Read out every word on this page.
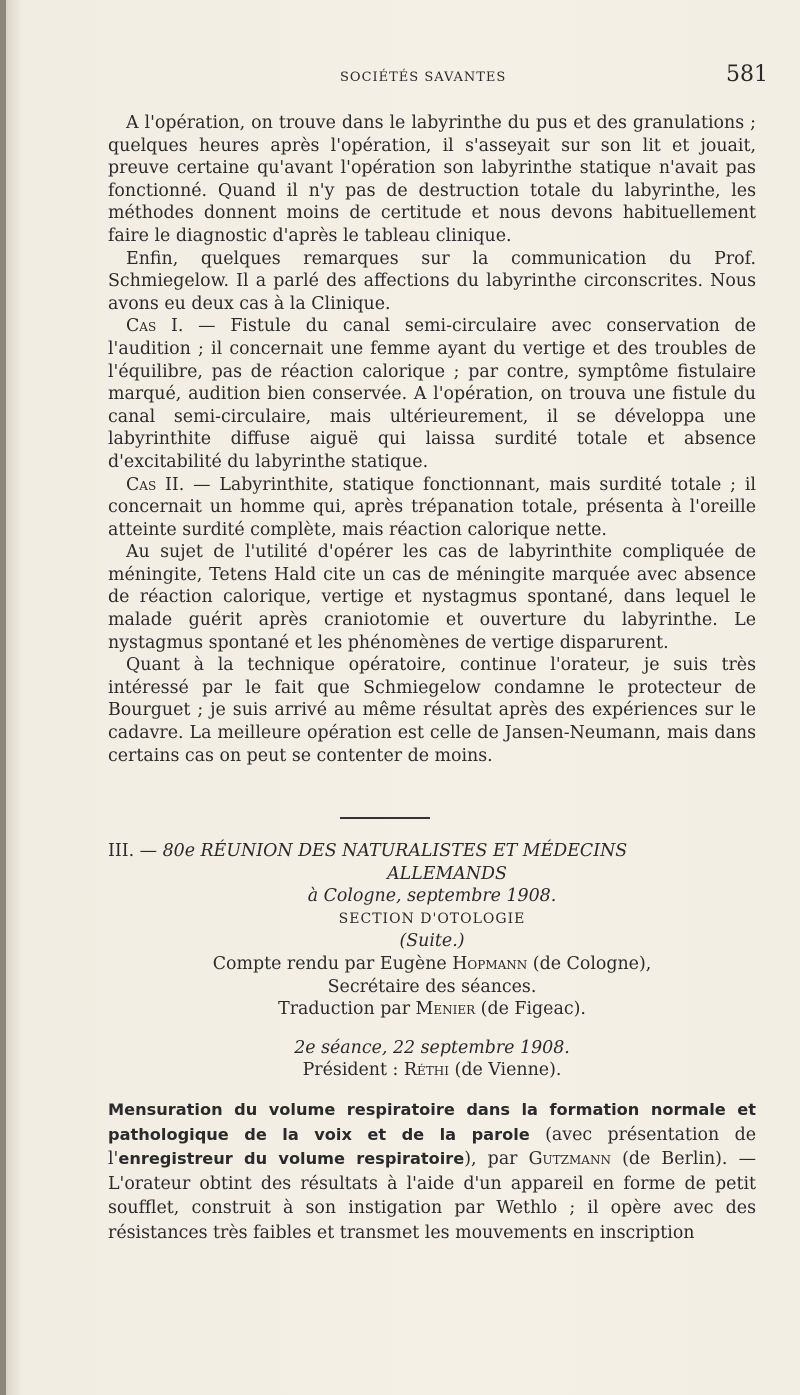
SOCIÉTÉS SAVANTES	581

A l'opération, on trouve dans le labyrinthe du pus et des granulations ; quelques heures après l'opération, il s'asseyait sur son lit et jouait, preuve certaine qu'avant l'opération son labyrinthe statique n'avait pas fonctionné. Quand il n'y pas de destruction totale du labyrinthe, les méthodes donnent moins de certitude et nous devons habituellement faire le diagnostic d'après le tableau clinique.

Enfin, quelques remarques sur la communication du Prof. Schmiegelow. Il a parlé des affections du labyrinthe circonscrites. Nous avons eu deux cas à la Clinique.

Cas I. — Fistule du canal semi-circulaire avec conservation de l'audition ; il concernait une femme ayant du vertige et des troubles de l'équilibre, pas de réaction calorique ; par contre, symptôme fistulaire marqué, audition bien conservée. A l'opération, on trouva une fistule du canal semi-circulaire, mais ultérieurement, il se développa une labyrinthite diffuse aiguë qui laissa surdité totale et absence d'excitabilité du labyrinthe statique.

Cas II. — Labyrinthite, statique fonctionnant, mais surdité totale ; il concernait un homme qui, après trépanation totale, présenta à l'oreille atteinte surdité complète, mais réaction calorique nette.

Au sujet de l'utilité d'opérer les cas de labyrinthite compliquée de méningite, Tetens Hald cite un cas de méningite marquée avec absence de réaction calorique, vertige et nystagmus spontané, dans lequel le malade guérit après craniotomie et ouverture du labyrinthe. Le nystagmus spontané et les phénomènes de vertige disparurent.

Quant à la technique opératoire, continue l'orateur, je suis très intéressé par le fait que Schmiegelow condamne le protecteur de Bourguet ; je suis arrivé au même résultat après des expériences sur le cadavre. La meilleure opération est celle de Jansen-Neumann, mais dans certains cas on peut se contenter de moins.

III. — 80e RÉUNION DES NATURALISTES ET MÉDECINS
ALLEMANDS
à Cologne, septembre 1908.
SECTION D'OTOLOGIE
(Suite.)
Compte rendu par Eugène Hopmann (de Cologne),
Secrétaire des séances.
Traduction par Menier (de Figeac).
2e séance, 22 septembre 1908.
Président : Réthi (de Vienne).
Mensuration du volume respiratoire dans la formation normale et pathologique de la voix et de la parole (avec présentation de l'enregistreur du volume respiratoire), par Gutzmann (de Berlin). — L'orateur obtint des résultats à l'aide d'un appareil en forme de petit soufflet, construit à son instigation par Wethlo ; il opère avec des résistances très faibles et transmet les mouvements en inscription
